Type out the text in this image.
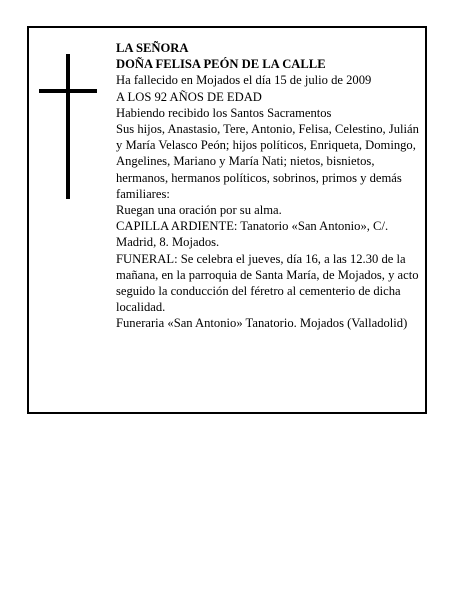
LA SEÑORA

DOÑA FELISA PEÓN DE LA CALLE

Ha fallecido en Mojados el día 15 de julio de 2009

A LOS 92 AÑOS DE EDAD

Habiendo recibido los Santos Sacramentos

Sus hijos, Anastasio, Tere, Antonio, Felisa, Celestino, Julián y María Velasco Peón; hijos políticos, Enriqueta, Domingo, Angelines, Mariano y María Nati; nietos, bisnietos, hermanos, hermanos políticos, sobrinos, primos y demás familiares:

Ruegan una oración por su alma.

CAPILLA ARDIENTE: Tanatorio «San Antonio», C/. Madrid, 8. Mojados.

FUNERAL: Se celebra el jueves, día 16, a las 12.30 de la mañana, en la parroquia de Santa María, de Mojados, y acto seguido la conducción del féretro al cementerio de dicha localidad.

Funeraria «San Antonio» Tanatorio. Mojados (Valladolid)
